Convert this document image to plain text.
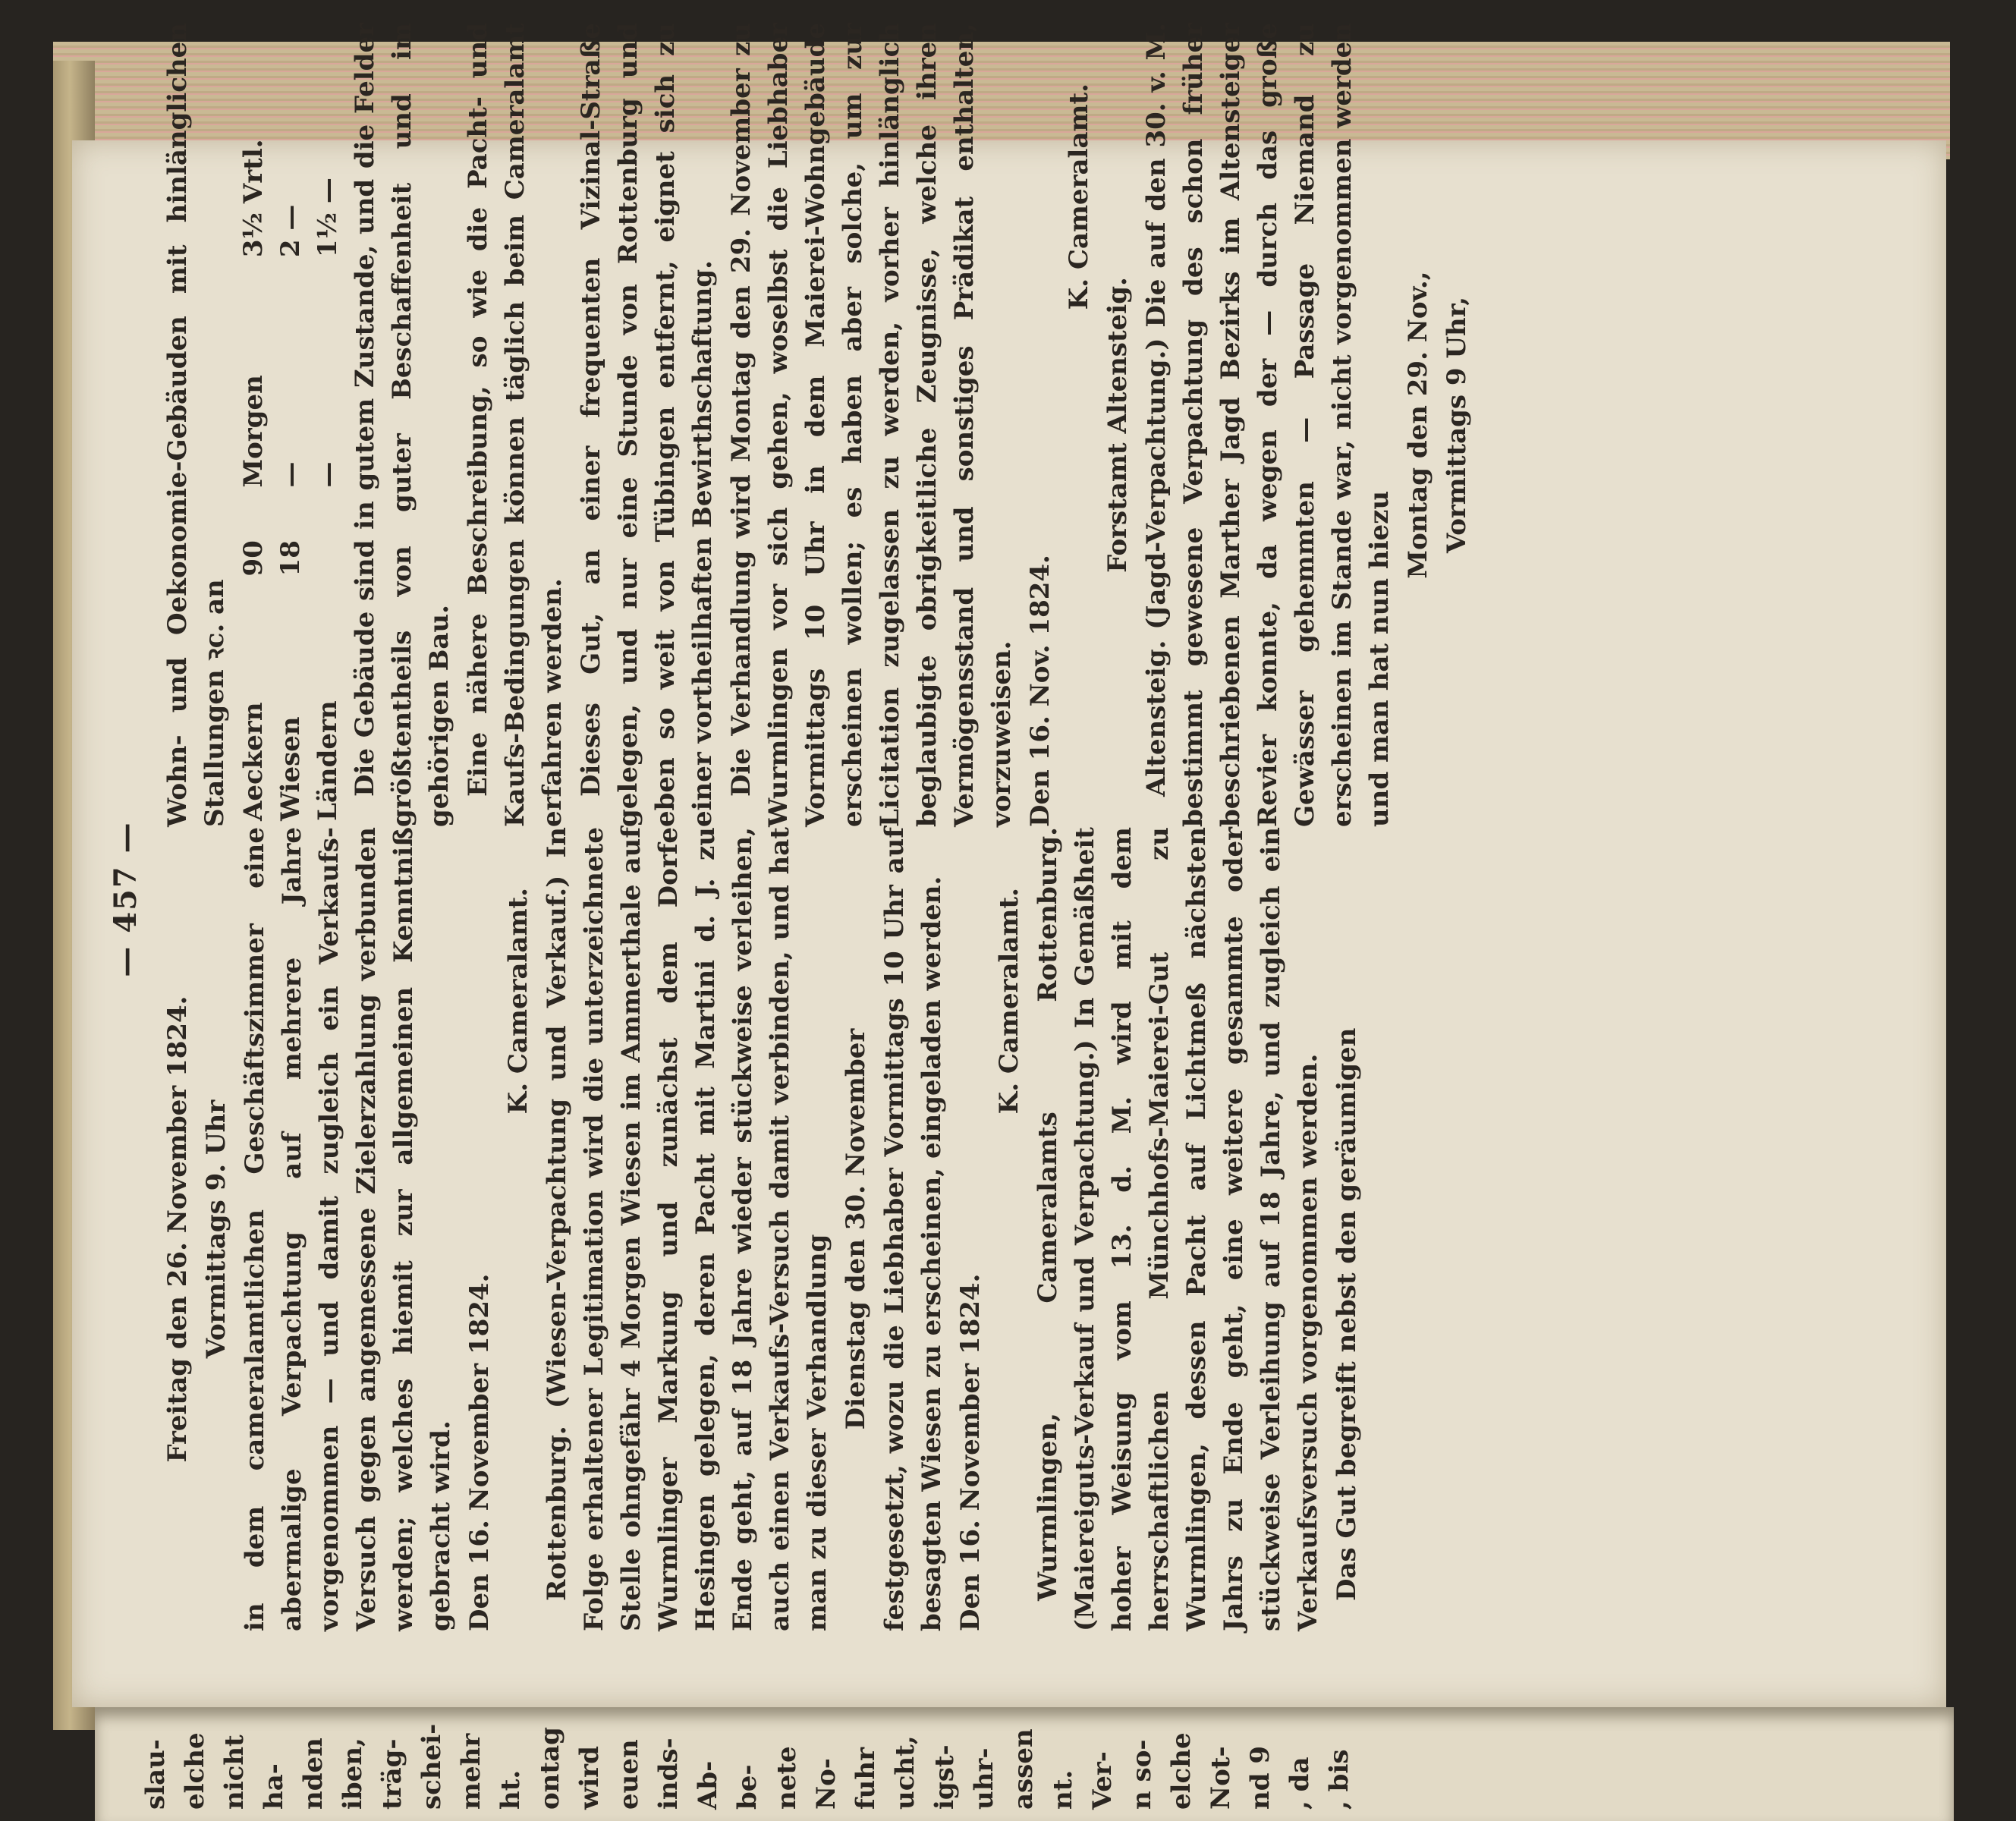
— 457 —

Freitag den 26. November 1824. Vormittags 9. Uhr in dem cameralamtlichen Geschäftszimmer eine abermalige Verpachtung auf mehrere Jahre vorgenommen — und damit zugleich ein Verkaufs-Versuch gegen angemessene Zielerzahlung verbunden werden; welches hiemit zur allgemeinen Kenntniß gebracht wird. Den 16. November 1824.

K. Cameralamt. Rottenburg. (Wiesen-Verpachtung und Verkauf.) In Folge erhaltener Legitimation wird die unterzeichnete Stelle ohngefähr 4 Morgen Wiesen im Ammerthale auf Wurmlinger Markung und zunächst dem Dorfe Hesingen gelegen, deren Pacht mit Martini d. J. zu Ende geht, auf 18 Jahre wieder stückweise verleihen, auch einen Verkaufs-Versuch damit verbinden, und hat man zu dieser Verhandlung

Dienstag den 30. November festgesetzt, wozu die Liebhaber Vormittags 10 Uhr auf besagten Wiesen zu erscheinen, eingeladen werden. Den 16. November 1824.

K. Cameralamt. Wurmlingen, Cameralamts Rottenburg. (Maiereiguts-Verkauf und Verpachtung.) In Gemäßheit hoher Weisung vom 13. d. M. wird mit dem herrschaftlichen Münchhofs-Maierei-Gut zu Wurmlingen, dessen Pacht auf Lichtmeß nächsten Jahrs zu Ende geht, eine weitere gesammte oder stückweise Verleihung auf 18 Jahre, und zugleich ein Verkaufsversuch vorgenommen werden. Das Gut begreift nebst den geräumigen

Wohn- und Oekonomie-Gebäuden mit hinlänglichen Stallungen ꝛc. an Aeckern	90	Morgen	3½ Vrtl.
Wiesen	18	—	2 —
Ländern		—	1½ — Die Gebäude sind in gutem Zustande, und die Felder größtentheils von guter Beschaffenheit und im gehörigen Bau. Eine nähere Beschreibung, so wie die Pacht- und Kaufs-Bedingungen können täglich beim Cameralamt erfahren werden. Dieses Gut, an einer frequenten Vizinal-Straße gelegen, und nur eine Stunde von Rottenburg und eben so weit von Tübingen entfernt, eignet sich zu einer vortheilhaften Bewirthschaftung. Die Verhandlung wird Montag den 29. November zu Wurmlingen vor sich gehen, woselbst die Liebhaber Vormittags 10 Uhr in dem Maierei-Wohngebäude erscheinen wollen; es haben aber solche, um zur Licitation zugelassen zu werden, vorher hinlänglich beglaubigte obrigkeitliche Zeugnisse, welche ihren Vermögensstand und sonstiges Prädikat enthalten, vorzuweisen. Den 16. Nov. 1824.

K. Cameralamt.

Forstamt Altensteig. Altensteig. (Jagd-Verpachtung.) Die auf den 30. v. M. bestimmt gewesene Verpachtung des schon früher beschriebenen Marther Jagd Bezirks im Altensteiger Revier konnte, da wegen der — durch das große Gewässer gehemmten — Passage Niemand zu erscheinen im Stande war, nicht vorgenommen werden und man hat nun hiezu

Montag den 29. Nov., Vormittags 9 Uhr,

slau- elche nicht ha- nden iben, träg- schei- mehr ht. ontag wird euen inds- Ab- be- nete No- fuhr ucht, igst- uhr- assen nt. Ver- n so- elche Not- nd 9 , da , bis
